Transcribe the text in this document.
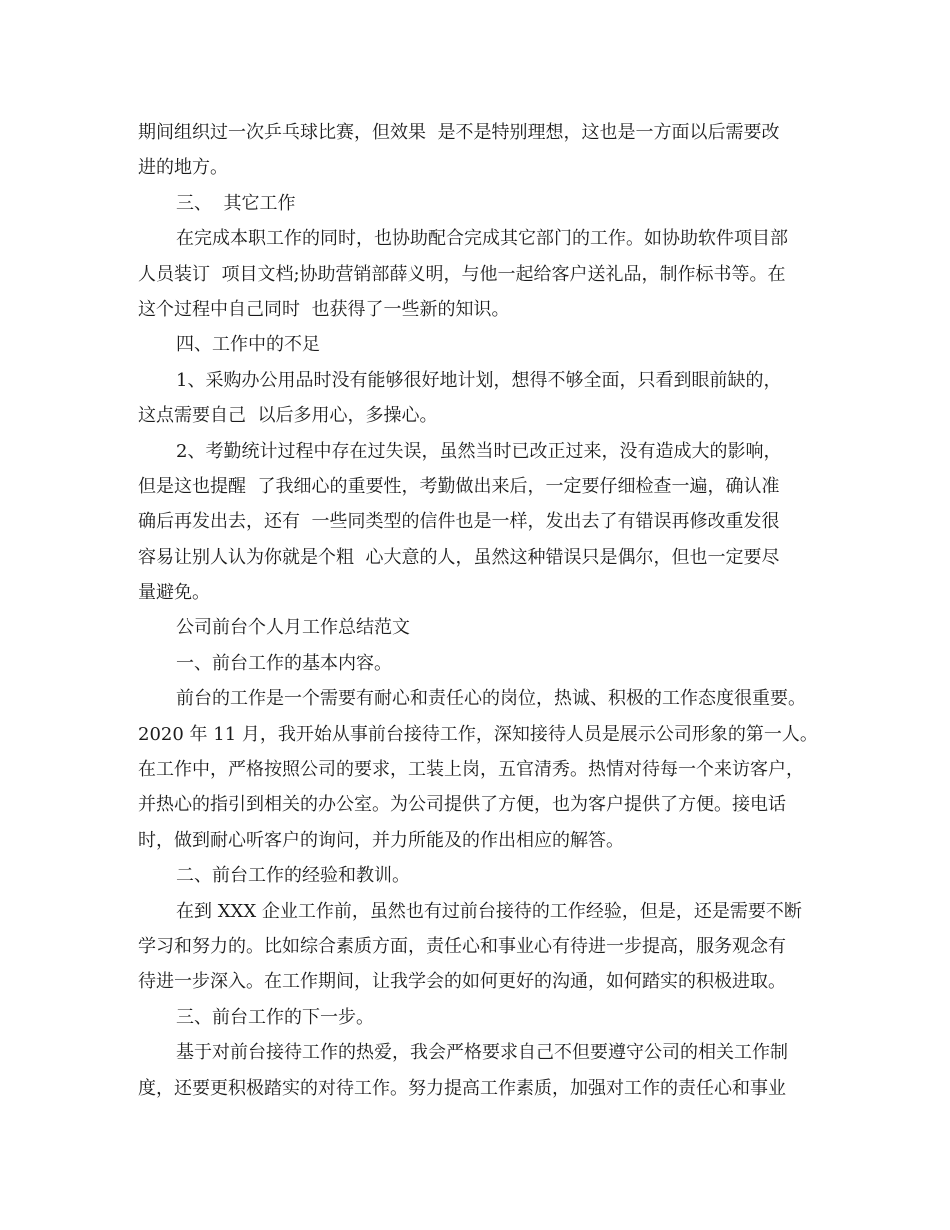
期间组织过一次乒乓球比赛，但效果  是不是特别理想，这也是一方面以后需要改
进的地方。
三、  其它工作
在完成本职工作的同时，也协助配合完成其它部门的工作。如协助软件项目部
人员装订  项目文档;协助营销部薛义明，与他一起给客户送礼品，制作标书等。在
这个过程中自己同时  也获得了一些新的知识。
四、工作中的不足
1、采购办公用品时没有能够很好地计划，想得不够全面，只看到眼前缺的，
这点需要自己  以后多用心，多操心。
2、考勤统计过程中存在过失误，虽然当时已改正过来，没有造成大的影响，
但是这也提醒  了我细心的重要性，考勤做出来后，一定要仔细检查一遍，确认准
确后再发出去，还有  一些同类型的信件也是一样，发出去了有错误再修改重发很
容易让别人认为你就是个粗  心大意的人，虽然这种错误只是偶尔，但也一定要尽
量避免。
公司前台个人月工作总结范文
一、前台工作的基本内容。
前台的工作是一个需要有耐心和责任心的岗位，热诚、积极的工作态度很重要。
2020 年 11 月，我开始从事前台接待工作，深知接待人员是展示公司形象的第一人。
在工作中，严格按照公司的要求，工装上岗，五官清秀。热情对待每一个来访客户，
并热心的指引到相关的办公室。为公司提供了方便，也为客户提供了方便。接电话
时，做到耐心听客户的询问，并力所能及的作出相应的解答。
二、前台工作的经验和教训。
在到 XXX 企业工作前，虽然也有过前台接待的工作经验，但是，还是需要不断
学习和努力的。比如综合素质方面，责任心和事业心有待进一步提高，服务观念有
待进一步深入。在工作期间，让我学会的如何更好的沟通，如何踏实的积极进取。
三、前台工作的下一步。
基于对前台接待工作的热爱，我会严格要求自己不但要遵守公司的相关工作制
度，还要更积极踏实的对待工作。努力提高工作素质，加强对工作的责任心和事业
